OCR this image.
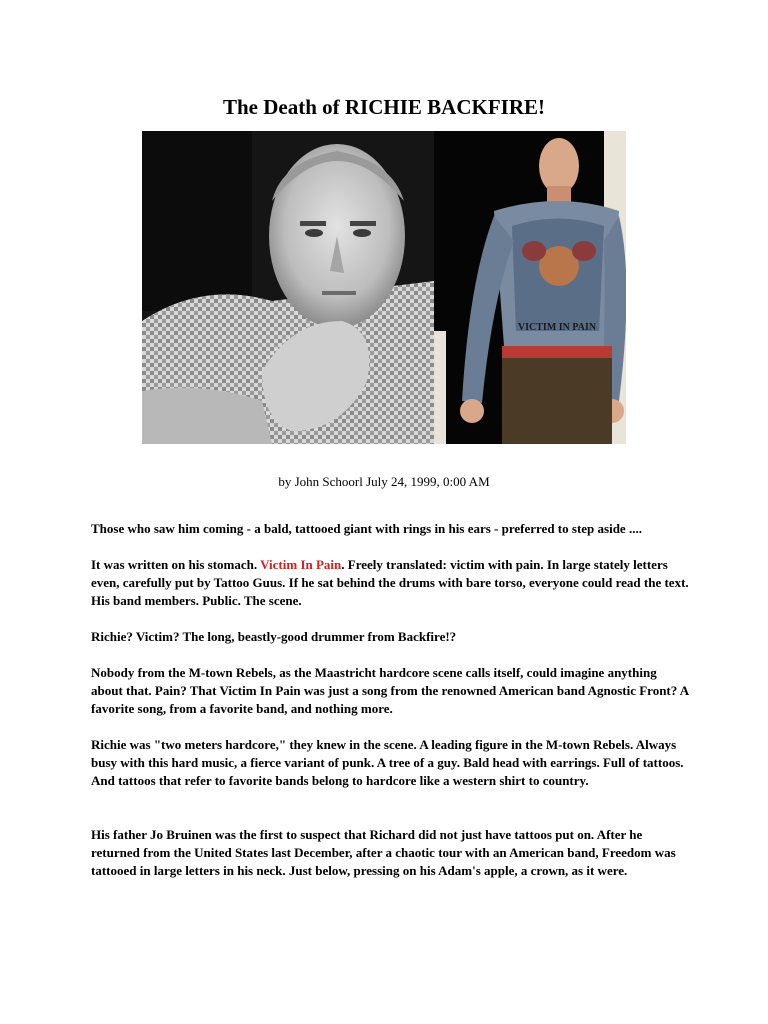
The Death of RICHIE BACKFIRE!
VICTIM IN PAIN
by John Schoorl July 24, 1999, 0:00 AM

Those who saw him coming - a bald, tattooed giant with rings in his ears - preferred to step aside ....

It was written on his stomach. Victim In Pain. Freely translated: victim with pain. In large stately letters even, carefully put by Tattoo Guus. If he sat behind the drums with bare torso, everyone could read the text. His band members. Public. The scene.

Richie? Victim? The long, beastly-good drummer from Backfire!?

Nobody from the M-town Rebels, as the Maastricht hardcore scene calls itself, could imagine anything about that. Pain? That Victim In Pain was just a song from the renowned American band Agnostic Front? A favorite song, from a favorite band, and nothing more.

Richie was "two meters hardcore," they knew in the scene. A leading figure in the M-town Rebels. Always busy with this hard music, a fierce variant of punk. A tree of a guy. Bald head with earrings. Full of tattoos. And tattoos that refer to favorite bands belong to hardcore like a western shirt to country.

His father Jo Bruinen was the first to suspect that Richard did not just have tattoos put on. After he returned from the United States last December, after a chaotic tour with an American band, Freedom was tattooed in large letters in his neck. Just below, pressing on his Adam's apple, a crown, as it were.
